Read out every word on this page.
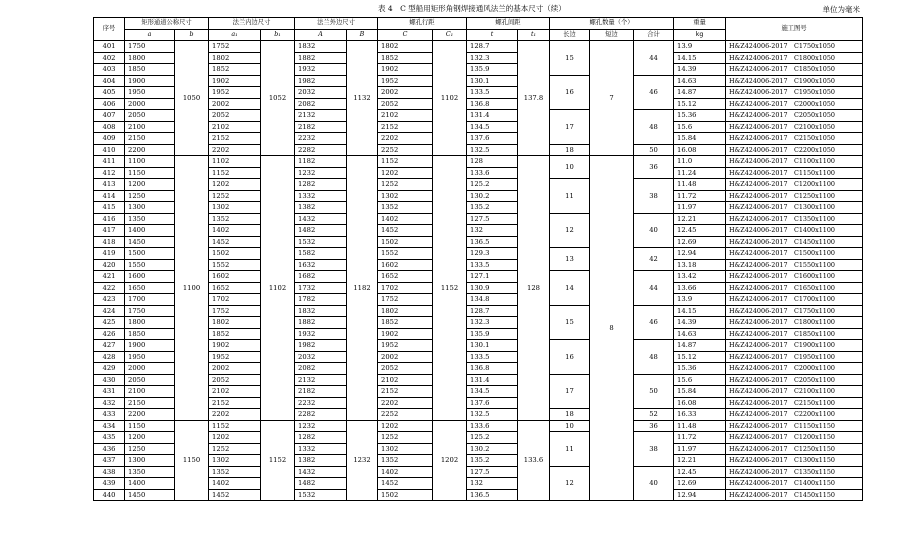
表 4　C 型船用矩形角钢焊接通风法兰的基本尺寸（续）	单位为毫米
序号	矩形通道公称尺寸		法兰内边尺寸		法兰外边尺寸		螺孔行距		螺孔间距		螺孔数量（个）			重量	施工图号
	a	b	a₁	b₁	A	B	C	C₁	t	t₁	长边	短边	合计	kg	
401	1750	1050	1752	1052	1832	1132	1802	1102	128.7	137.8	15	7	44	13.9	H&Z424006-2017　C1750x1050
402	1800		1802		1882		1852		132.3					14.15	H&Z424006-2017　C1800x1050
403	1850		1852		1932		1902		135.9					14.39	H&Z424006-2017　C1850x1050
404	1900		1902		1982		1952		130.1		16		46	14.63	H&Z424006-2017　C1900x1050
405	1950		1952		2032		2002		133.5					14.87	H&Z424006-2017　C1950x1050
406	2000		2002		2082		2052		136.8					15.12	H&Z424006-2017　C2000x1050
407	2050		2052		2132		2102		131.4		17		48	15.36	H&Z424006-2017　C2050x1050
408	2100		2102		2182		2152		134.5					15.6	H&Z424006-2017　C2100x1050
409	2150		2152		2232		2202		137.6					15.84	H&Z424006-2017　C2150x1050
410	2200		2202		2282		2252		132.5		18		50	16.08	H&Z424006-2017　C2200x1050
411	1100	1100	1102	1102	1182	1182	1152	1152	128	128	10	8	36	11.0	H&Z424006-2017　C1100x1100
412	1150		1152		1232		1202		133.6					11.24	H&Z424006-2017　C1150x1100
413	1200		1202		1282		1252		125.2		11		38	11.48	H&Z424006-2017　C1200x1100
414	1250		1252		1332		1302		130.2					11.72	H&Z424006-2017　C1250x1100
415	1300		1302		1382		1352		135.2					11.97	H&Z424006-2017　C1300x1100
416	1350		1352		1432		1402		127.5		12		40	12.21	H&Z424006-2017　C1350x1100
417	1400		1402		1482		1452		132					12.45	H&Z424006-2017　C1400x1100
418	1450		1452		1532		1502		136.5					12.69	H&Z424006-2017　C1450x1100
419	1500		1502		1582		1552		129.3		13		42	12.94	H&Z424006-2017　C1500x1100
420	1550		1552		1632		1602		133.5					13.18	H&Z424006-2017　C1550x1100
421	1600		1602		1682		1652		127.1		14		44	13.42	H&Z424006-2017　C1600x1100
422	1650		1652		1732		1702		130.9					13.66	H&Z424006-2017　C1650x1100
423	1700		1702		1782		1752		134.8					13.9	H&Z424006-2017　C1700x1100
424	1750		1752		1832		1802		128.7		15		46	14.15	H&Z424006-2017　C1750x1100
425	1800		1802		1882		1852		132.3					14.39	H&Z424006-2017　C1800x1100
426	1850		1852		1932		1902		135.9					14.63	H&Z424006-2017　C1850x1100
427	1900		1902		1982		1952		130.1		16		48	14.87	H&Z424006-2017　C1900x1100
428	1950		1952		2032		2002		133.5					15.12	H&Z424006-2017　C1950x1100
429	2000		2002		2082		2052		136.8					15.36	H&Z424006-2017　C2000x1100
430	2050		2052		2132		2102		131.4		17		50	15.6	H&Z424006-2017　C2050x1100
431	2100		2102		2182		2152		134.5					15.84	H&Z424006-2017　C2100x1100
432	2150		2152		2232		2202		137.6					16.08	H&Z424006-2017　C2150x1100
433	2200		2202		2282		2252		132.5		18		52	16.33	H&Z424006-2017　C2200x1100
434	1150	1150	1152	1152	1232	1232	1202	1202	133.6	133.6	10		36	11.48	H&Z424006-2017　C1150x1150
435	1200		1202		1282		1252		125.2		11		38	11.72	H&Z424006-2017　C1200x1150
436	1250		1252		1332		1302		130.2					11.97	H&Z424006-2017　C1250x1150
437	1300		1302		1382		1352		135.2					12.21	H&Z424006-2017　C1300x1150
438	1350		1352		1432		1402		127.5		12		40	12.45	H&Z424006-2017　C1350x1150
439	1400		1402		1482		1452		132					12.69	H&Z424006-2017　C1400x1150
440	1450		1452		1532		1502		136.5					12.94	H&Z424006-2017　C1450x1150
